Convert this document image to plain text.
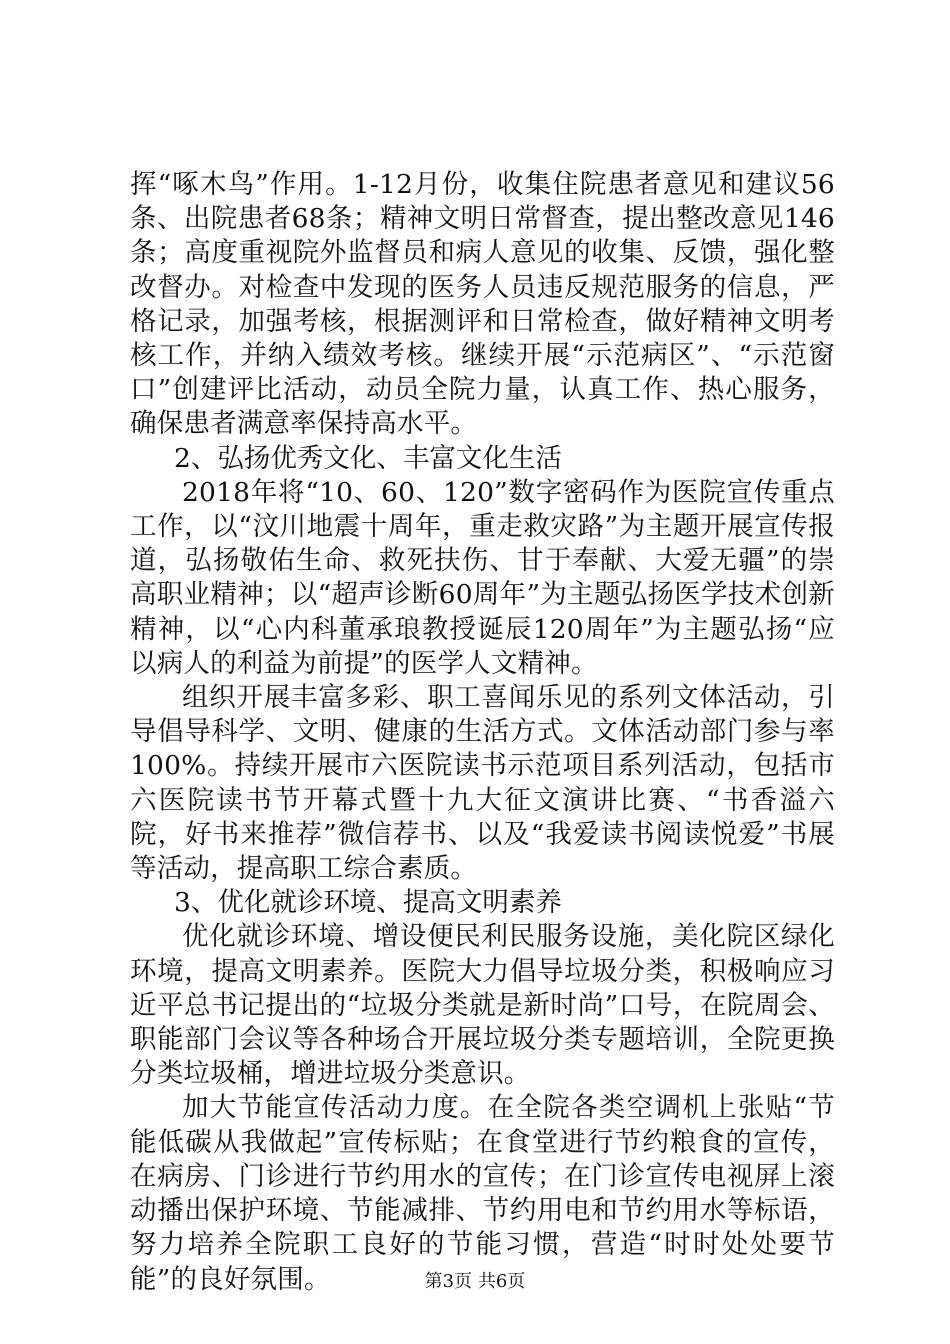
挥“啄木鸟”作用。1-12月份，收集住院患者意见和建议56条、出院患者68条；精神文明日常督查，提出整改意见146条；高度重视院外监督员和病人意见的收集、反馈，强化整改督办。对检查中发现的医务人员违反规范服务的信息，严格记录，加强考核，根据测评和日常检查，做好精神文明考核工作，并纳入绩效考核。继续开展“示范病区”、“示范窗口”创建评比活动，动员全院力量，认真工作、热心服务，确保患者满意率保持高水平。

2、弘扬优秀文化、丰富文化生活

2018年将“10、60、120”数字密码作为医院宣传重点工作，以“汶川地震十周年，重走救灾路”为主题开展宣传报道，弘扬敬佑生命、救死扶伤、甘于奉献、大爱无疆”的崇高职业精神；以“超声诊断60周年”为主题弘扬医学技术创新精神，以“心内科董承琅教授诞辰120周年”为主题弘扬“应以病人的利益为前提”的医学人文精神。

组织开展丰富多彩、职工喜闻乐见的系列文体活动，引导倡导科学、文明、健康的生活方式。文体活动部门参与率100%。持续开展市六医院读书示范项目系列活动，包括市六医院读书节开幕式暨十九大征文演讲比赛、“书香溢六院，好书来推荐”微信荐书、以及“我爱读书阅读悦爱”书展等活动，提高职工综合素质。

3、优化就诊环境、提高文明素养

优化就诊环境、增设便民利民服务设施，美化院区绿化环境，提高文明素养。医院大力倡导垃圾分类，积极响应习近平总书记提出的“垃圾分类就是新时尚”口号，在院周会、职能部门会议等各种场合开展垃圾分类专题培训，全院更换分类垃圾桶，增进垃圾分类意识。

加大节能宣传活动力度。在全院各类空调机上张贴“节能低碳从我做起”宣传标贴；在食堂进行节约粮食的宣传，在病房、门诊进行节约用水的宣传；在门诊宣传电视屏上滚动播出保护环境、节能减排、节约用电和节约用水等标语，努力培养全院职工良好的节能习惯，营造“时时处处要节能”的良好氛围。	第3页 共6页
